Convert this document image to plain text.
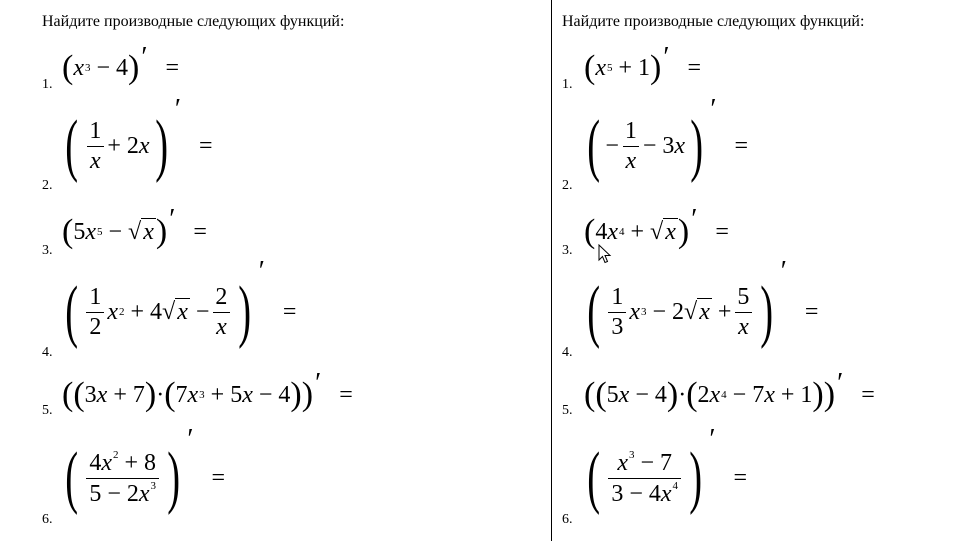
Найдите производные следующих функций:
1. ( x 3 − 4 ) ′ =
2.
( $\frac{1}{x} + 2$ x ) ′
=
3.
( 5 x 5 − √ x ) ′ =
4.
( $\frac{1}{2}$ x 2 + 4 √ $x - \frac{2}{x}$ )
′
=
5. (( 3 x + 7 ) · ( 7 x 3 + 5 x − 4 )) ′ =
6.
( $\frac{4x^2 + 8}{5 - 2x^3}$ ) ′
=
Найдите производные следующих функций:
1. ( x 5 + 1 ) ′ =
2.
( − $\frac{1}{x} - 3$ x ) ′
=
3.
( 4 x 4 + √ x ) ′ =
4.
( $\frac{1}{3}$ x 3 − 2 √ $x + \frac{5}{x}$ )
′
=
5. (( 5 x − 4 ) · ( 2 x 4 − 7 x + 1 )) ′ =
6.
( $\frac{x^3 - 7}{3 - 4x^4}$ ) ′
=
